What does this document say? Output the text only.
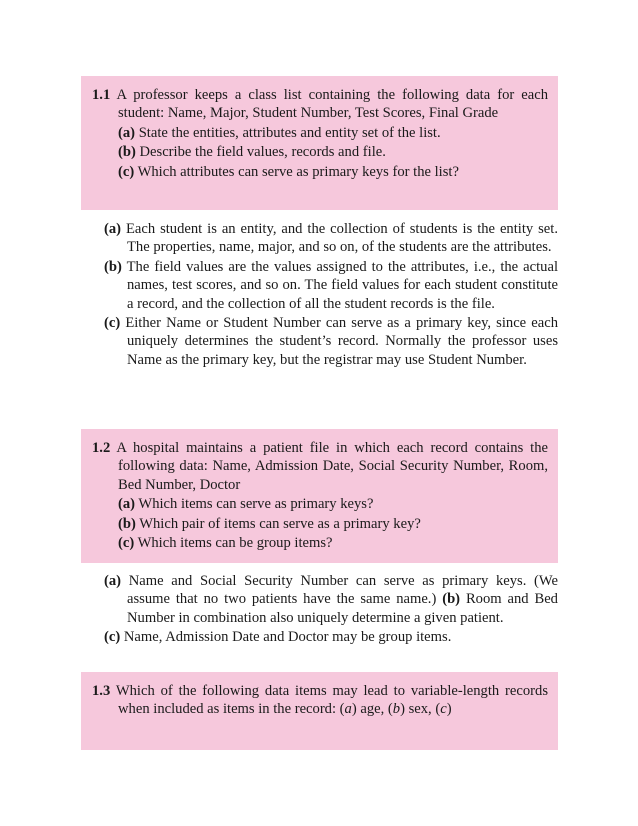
1.1 A professor keeps a class list containing the following data for each student: Name, Major, Student Number, Test Scores, Final Grade
(a) State the entities, attributes and entity set of the list.
(b) Describe the field values, records and file.
(c) Which attributes can serve as primary keys for the list?
(a) Each student is an entity, and the collection of students is the entity set. The properties, name, major, and so on, of the students are the attributes.
(b) The field values are the values assigned to the attributes, i.e., the actual names, test scores, and so on. The field values for each student constitute a record, and the collection of all the student records is the file.
(c) Either Name or Student Number can serve as a primary key, since each uniquely determines the student’s record. Normally the professor uses Name as the primary key, but the registrar may use Student Number.
1.2 A hospital maintains a patient file in which each record contains the following data: Name, Admission Date, Social Security Number, Room, Bed Number, Doctor
(a) Which items can serve as primary keys?
(b) Which pair of items can serve as a primary key?
(c) Which items can be group items?
(a) Name and Social Security Number can serve as primary keys. (We assume that no two patients have the same name.) (b) Room and Bed Number in combination also uniquely determine a given patient.
(c) Name, Admission Date and Doctor may be group items.
1.3 Which of the following data items may lead to variable-length records when included as items in the record: (a) age, (b) sex, (c)
